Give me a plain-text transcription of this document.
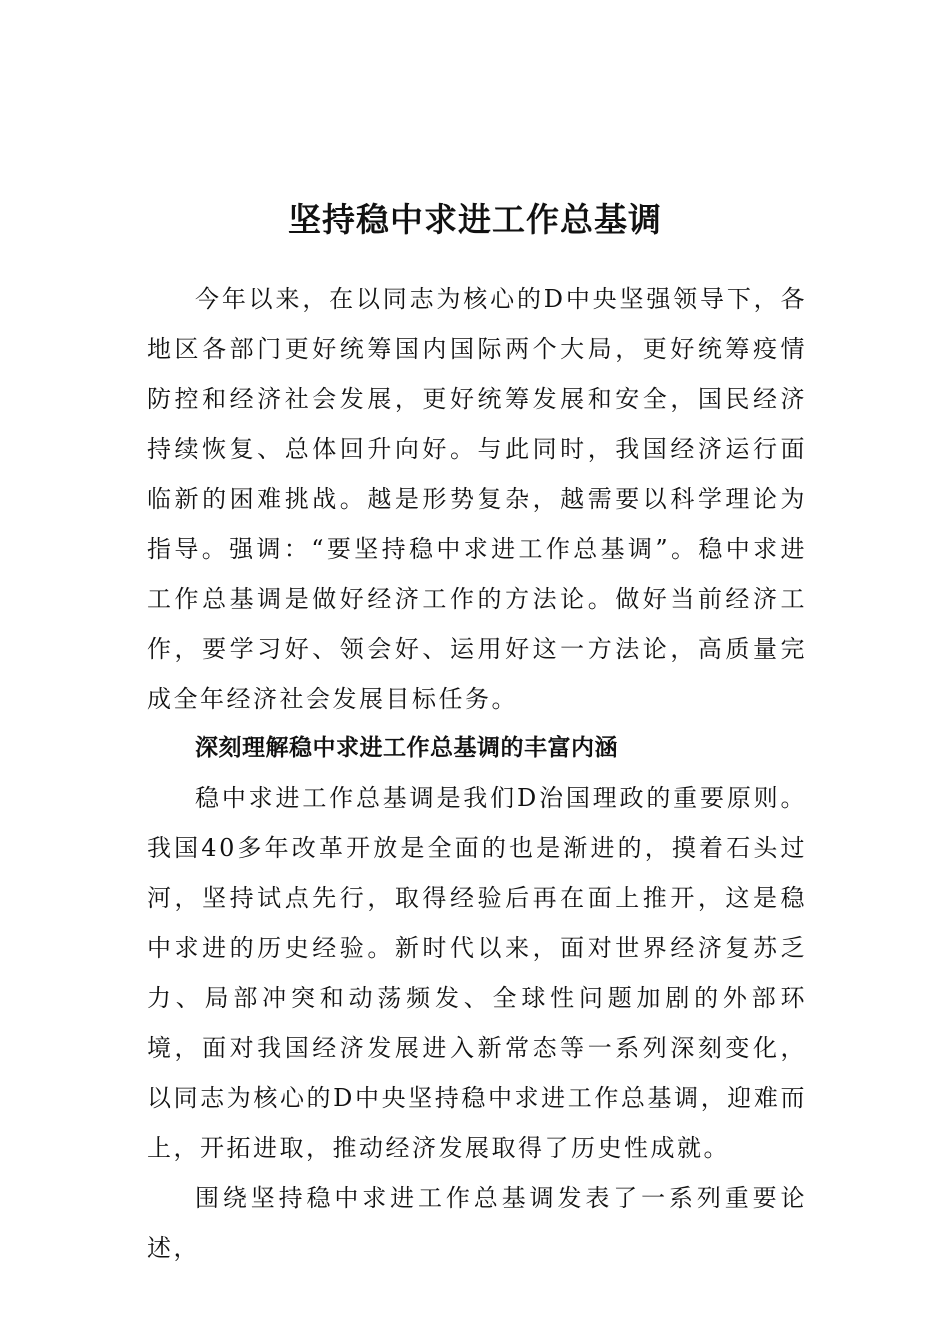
坚持稳中求进工作总基调

今年以来，在以同志为核心的D中央坚强领导下，各地区各部门更好统筹国内国际两个大局，更好统筹疫情防控和经济社会发展，更好统筹发展和安全，国民经济持续恢复、总体回升向好。与此同时，我国经济运行面临新的困难挑战。越是形势复杂，越需要以科学理论为指导。强调：“要坚持稳中求进工作总基调”。稳中求进工作总基调是做好经济工作的方法论。做好当前经济工作，要学习好、领会好、运用好这一方法论，高质量完成全年经济社会发展目标任务。

深刻理解稳中求进工作总基调的丰富内涵

稳中求进工作总基调是我们D治国理政的重要原则。我国40多年改革开放是全面的也是渐进的，摸着石头过河，坚持试点先行，取得经验后再在面上推开，这是稳中求进的历史经验。新时代以来，面对世界经济复苏乏力、局部冲突和动荡频发、全球性问题加剧的外部环境，面对我国经济发展进入新常态等一系列深刻变化，以同志为核心的D中央坚持稳中求进工作总基调，迎难而上，开拓进取，推动经济发展取得了历史性成就。

围绕坚持稳中求进工作总基调发表了一系列重要论述，
